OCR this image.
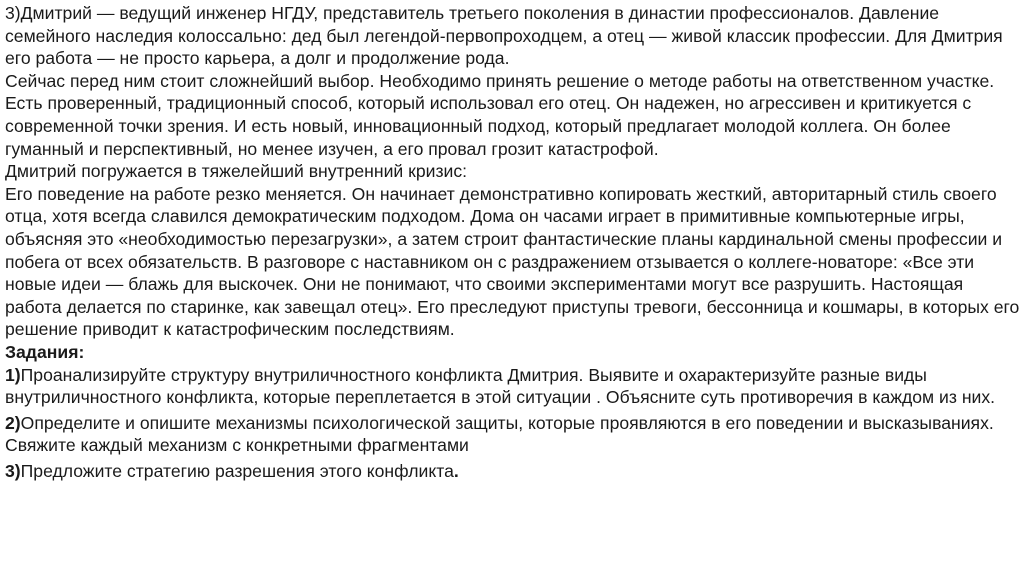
3)Дмитрий — ведущий инженер НГДУ, представитель третьего поколения в династии профессионалов. Давление семейного наследия колоссально: дед был легендой-первопроходцем, а отец — живой классик профессии. Для Дмитрия его работа — не просто карьера, а долг и продолжение рода.

Сейчас перед ним стоит сложнейший выбор. Необходимо принять решение о методе работы на ответственном участке. Есть проверенный, традиционный способ, который использовал его отец. Он надежен, но агрессивен и критикуется с современной точки зрения. И есть новый, инновационный подход, который предлагает молодой коллега. Он более гуманный и перспективный, но менее изучен, а его провал грозит катастрофой.

Дмитрий погружается в тяжелейший внутренний кризис:

Его поведение на работе резко меняется. Он начинает демонстративно копировать жесткий, авторитарный стиль своего отца, хотя всегда славился демократическим подходом. Дома он часами играет в примитивные компьютерные игры, объясняя это «необходимостью перезагрузки», а затем строит фантастические планы кардинальной смены профессии и побега от всех обязательств. В разговоре с наставником он с раздражением отзывается о коллеге-новаторе: «Все эти новые идеи — блажь для выскочек. Они не понимают, что своими экспериментами могут все разрушить. Настоящая работа делается по старинке, как завещал отец». Его преследуют приступы тревоги, бессонница и кошмары, в которых его решение приводит к катастрофическим последствиям.

Задания:

1)Проанализируйте структуру внутриличностного конфликта Дмитрия. Выявите и охарактеризуйте разные виды внутриличностного конфликта, которые переплетается в этой ситуации . Объясните суть противоречия в каждом из них.

2)Определите и опишите механизмы психологической защиты, которые проявляются в его поведении и высказываниях. Свяжите каждый механизм с конкретными фрагментами

3)Предложите стратегию разрешения этого конфликта.
